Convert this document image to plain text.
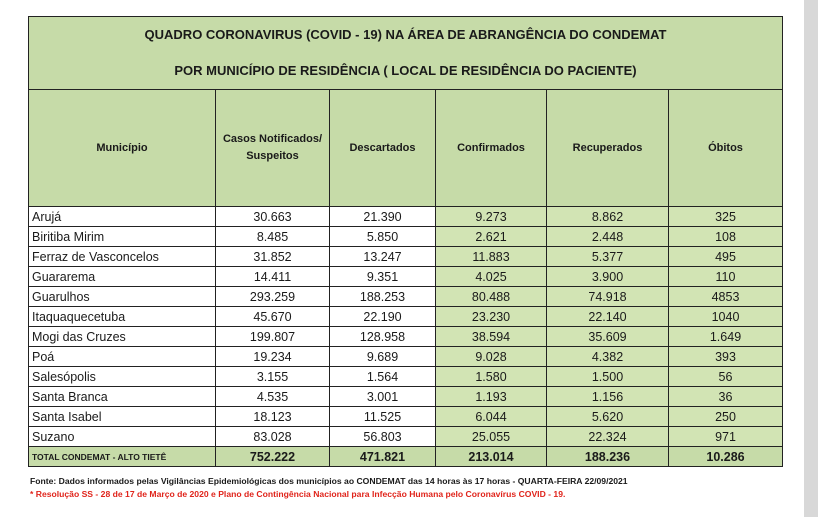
QUADRO CORONAVIRUS (COVID - 19) NA ÁREA DE ABRANGÊNCIA DO CONDEMAT
POR MUNICÍPIO DE RESIDÊNCIA ( LOCAL DE RESIDÊNCIA DO PACIENTE)					

Município	Casos Notificados/ Suspeitos	Descartados	Confirmados	Recuperados	Óbitos
Arujá	30.663	21.390	9.273	8.862	325
Biritiba Mirim	8.485	5.850	2.621	2.448	108
Ferraz de Vasconcelos	31.852	13.247	11.883	5.377	495
Guararema	14.411	9.351	4.025	3.900	110
Guarulhos	293.259	188.253	80.488	74.918	4853
Itaquaquecetuba	45.670	22.190	23.230	22.140	1040
Mogi das Cruzes	199.807	128.958	38.594	35.609	1.649
Poá	19.234	9.689	9.028	4.382	393
Salesópolis	3.155	1.564	1.580	1.500	56
Santa Branca	4.535	3.001	1.193	1.156	36
Santa Isabel	18.123	11.525	6.044	5.620	250
Suzano	83.028	56.803	25.055	22.324	971
TOTAL CONDEMAT - ALTO TIETÊ	752.222	471.821	213.014	188.236	10.286
Fonte: Dados informados pelas Vigilâncias Epidemiológicas dos municípios ao CONDEMAT das 14 horas às 17 horas - QUARTA-FEIRA 22/09/2021
* Resolução SS - 28 de 17 de Março de 2020 e Plano de Contingência Nacional para Infecção Humana pelo Coronavírus COVID - 19.
